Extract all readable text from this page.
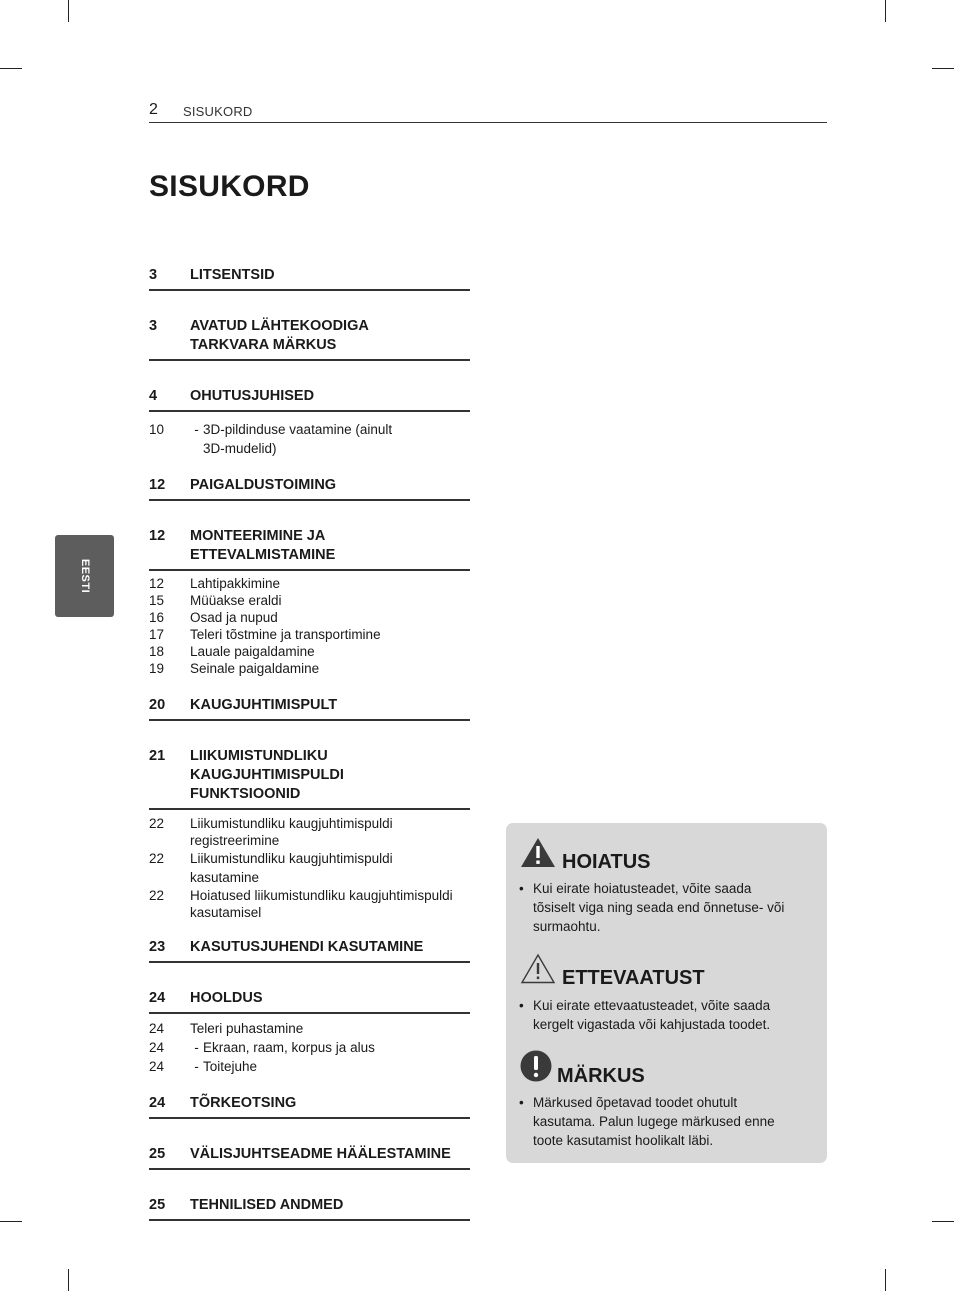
2 SISUKORD
SISUKORD
EESTI
3	LITSENTSID
3	AVATUD LÄHTEKOODIGA
TARKVARA MÄRKUS
4	OHUTUSJUHISED
10	- 3D-pildinduse vaatamine (ainult
3D-mudelid)
12	PAIGALDUSTOIMING
12	MONTEERIMINE JA
ETTEVALMISTAMINE
12	Lahtipakkimine
15	Müüakse eraldi
16	Osad ja nupud
17	Teleri tõstmine ja transportimine
18	Lauale paigaldamine
19	Seinale paigaldamine
20	KAUGJUHTIMISPULT
21	LIIKUMISTUNDLIKU
KAUGJUHTIMISPULDI
FUNKTSIOONID
22	Liikumistundliku kaugjuhtimispuldi
registreerimine
22	Liikumistundliku kaugjuhtimispuldi
kasutamine
22	Hoiatused liikumistundliku kaugjuhtimispuldi
kasutamisel
23	KASUTUSJUHENDI KASUTAMINE
24	HOOLDUS
24	Teleri puhastamine
24	- Ekraan, raam, korpus ja alus
24	- Toitejuhe
24	TÕRKEOTSING
25	VÄLISJUHTSEADME HÄÄLESTAMINE
25	TEHNILISED ANDMED
HOIATUS
• Kui eirate hoiatusteadet, võite saada
tõsiselt viga ning seada end õnnetuse- või
surmaohtu.
ETTEVAATUST
• Kui eirate ettevaatusteadet, võite saada
kergelt vigastada või kahjustada toodet.
MÄRKUS
• Märkused õpetavad toodet ohutult
kasutama. Palun lugege märkused enne
toote kasutamist hoolikalt läbi.
